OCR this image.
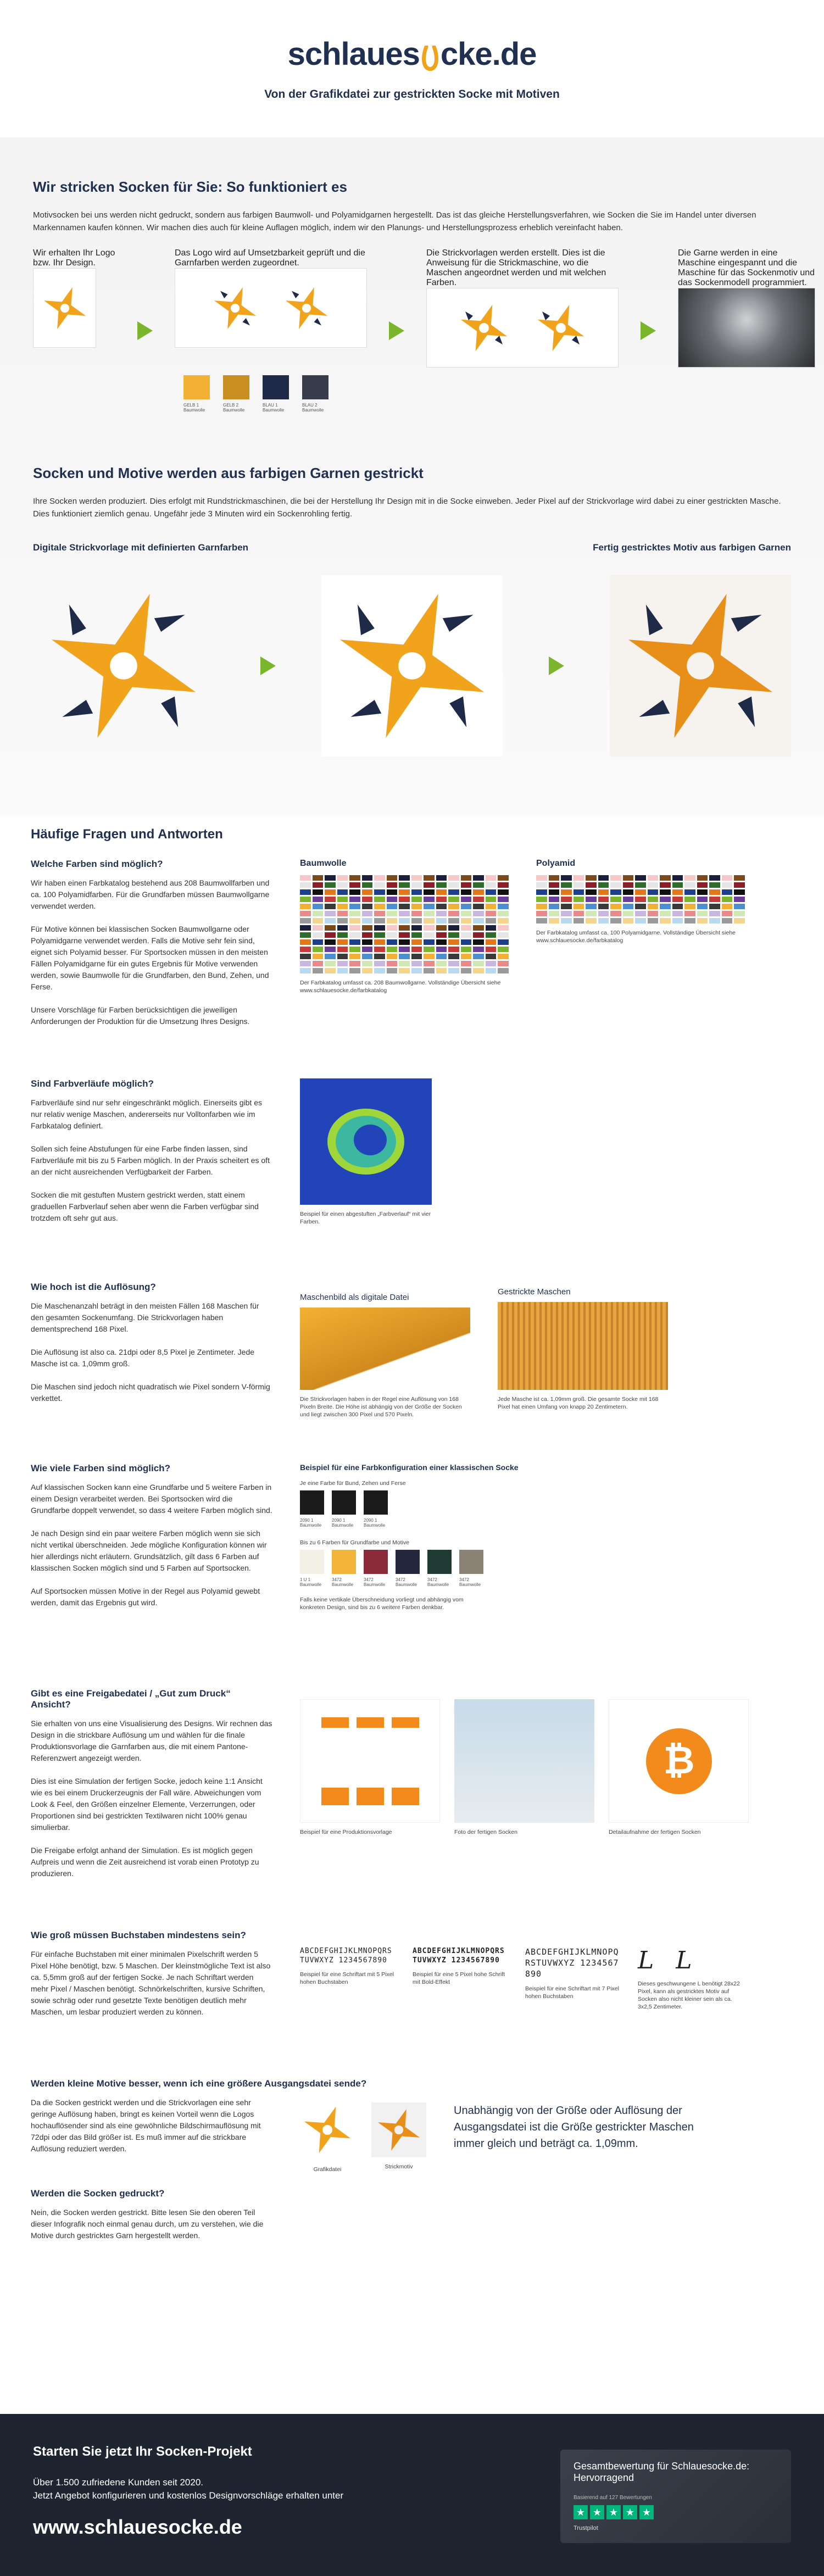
schlaues cke.de
Von der Grafikdatei zur gestrickten Socke mit Motiven
Wir stricken Socken für Sie: So funktioniert es
Motivsocken bei uns werden nicht gedruckt, sondern aus farbigen Baumwoll- und Polyamidgarnen hergestellt. Das ist das gleiche Herstellungsverfahren, wie Socken die Sie im Handel unter diversen Markennamen kaufen können. Wir machen dies auch für kleine Auflagen möglich, indem wir den Planungs- und Herstellungsprozess erheblich vereinfacht haben.
Wir erhalten Ihr Logo bzw. Ihr Design.
Das Logo wird auf Umsetzbarkeit geprüft und die Garnfarben werden zugeordnet.
GELB 1 Baumwolle
GELB 2 Baumwolle
BLAU 1 Baumwolle
BLAU 2 Baumwolle
Die Strickvorlagen werden erstellt. Dies ist die Anweisung für die Strickmaschine, wo die Maschen angeordnet werden und mit welchen Farben.
Die Garne werden in eine Maschine eingespannt und die Maschine für das Sockenmotiv und das Sockenmodell programmiert.
Socken und Motive werden aus farbigen Garnen gestrickt
Ihre Socken werden produziert. Dies erfolgt mit Rundstrickmaschinen, die bei der Herstellung Ihr Design mit in die Socke einweben. Jeder Pixel auf der Strickvorlage wird dabei zu einer gestrickten Masche. Dies funktioniert ziemlich genau. Ungefähr jede 3 Minuten wird ein Sockenrohling fertig.
Digitale Strickvorlage mit definierten Garnfarben	Fertig gestricktes Motiv aus farbigen Garnen
Häufige Fragen und Antworten
Welche Farben sind möglich?
Wir haben einen Farbkatalog bestehend aus 208 Baumwollfarben und ca. 100 Polyamidfarben. Für die Grundfarben müssen Baumwollgarne verwendet werden.

Für Motive können bei klassischen Socken Baumwollgarne oder Polyamidgarne verwendet werden. Falls die Motive sehr fein sind, eignet sich Polyamid besser. Für Sportsocken müssen in den meisten Fällen Polyamidgarne für ein gutes Ergebnis für Motive verwenden werden, sowie Baumwolle für die Grundfarben, den Bund, Zehen, und Ferse.

Unsere Vorschläge für Farben berücksichtigen die jeweiligen Anforderungen der Produktion für die Umsetzung Ihres Designs.
Baumwolle
Der Farbkatalog umfasst ca. 208 Baumwollgarne. Vollständige Übersicht siehe www.schlauesocke.de/farbkatalog
Polyamid
Der Farbkatalog umfasst ca. 100 Polyamidgarne. Vollständige Übersicht siehe www.schlauesocke.de/farbkatalog
Sind Farbverläufe möglich?
Farbverläufe sind nur sehr eingeschränkt möglich. Einerseits gibt es nur relativ wenige Maschen, andererseits nur Volltonfarben wie im Farbkatalog definiert.

Sollen sich feine Abstufungen für eine Farbe finden lassen, sind Farbverläufe mit bis zu 5 Farben möglich. In der Praxis scheitert es oft an der nicht ausreichenden Verfügbarkeit der Farben.

Socken die mit gestuften Mustern gestrickt werden, statt einem graduellen Farbverlauf sehen aber wenn die Farben verfügbar sind trotzdem oft sehr gut aus.	Beispiel für einen abgestuften „Farbverlauf“ mit vier Farben.
Wie hoch ist die Auflösung?
Die Maschenanzahl beträgt in den meisten Fällen 168 Maschen für den gesamten Sockenumfang. Die Strickvorlagen haben dementsprechend 168 Pixel.

Die Auflösung ist also ca. 21dpi oder 8,5 Pixel je Zentimeter. Jede Masche ist ca. 1,09mm groß.

Die Maschen sind jedoch nicht quadratisch wie Pixel sondern V-förmig verkettet.
Maschenbild als digitale Datei
Die Strickvorlagen haben in der Regel eine Auflösung von 168 Pixeln Breite. Die Höhe ist abhängig von der Größe der Socken und liegt zwischen 300 Pixel und 570 Pixeln.
Gestrickte Maschen
Jede Masche ist ca. 1,09mm groß. Die gesamte Socke mit 168 Pixel hat einen Umfang von knapp 20 Zentimetern.
Wie viele Farben sind möglich?
Auf klassischen Socken kann eine Grundfarbe und 5 weitere Farben in einem Design verarbeitet werden. Bei Sportsocken wird die Grundfarbe doppelt verwendet, so dass 4 weitere Farben möglich sind.

Je nach Design sind ein paar weitere Farben möglich wenn sie sich nicht vertikal überschneiden. Jede mögliche Konfiguration können wir hier allerdings nicht erläutern. Grundsätzlich, gilt dass 6 Farben auf klassischen Socken möglich sind und 5 Farben auf Sportsocken.

Auf Sportsocken müssen Motive in der Regel aus Polyamid gewebt werden, damit das Ergebnis gut wird.
Beispiel für eine Farbkonfiguration einer klassischen Socke
Je eine Farbe für Bund, Zehen und Ferse
2090 1 Baumwolle
2090 1 Baumwolle
2090 1 Baumwolle
Bis zu 6 Farben für Grundfarbe und Motive
1 U 1 Baumwolle
3472 Baumwolle
3472 Baumwolle
3472 Baumwolle
3472 Baumwolle
3472 Baumwolle
Falls keine vertikale Überschneidung vorliegt und abhängig vom konkreten Design, sind bis zu 6 weitere Farben denkbar.
Gibt es eine Freigabedatei / „Gut zum Druck“ Ansicht?
Sie erhalten von uns eine Visualisierung des Designs. Wir rechnen das Design in die strickbare Auflösung um und wählen für die finale Produktionsvorlage die Garnfarben aus, die mit einem Pantone-Referenzwert angezeigt werden.

Dies ist eine Simulation der fertigen Socke, jedoch keine 1:1 Ansicht wie es bei einem Druckerzeugnis der Fall wäre. Abweichungen vom Look & Feel, den Größen einzelner Elemente, Verzerrungen, oder Proportionen sind bei gestrickten Textilwaren nicht 100% genau simulierbar.

Die Freigabe erfolgt anhand der Simulation. Es ist möglich gegen Aufpreis und wenn die Zeit ausreichend ist vorab einen Prototyp zu produzieren.
Beispiel für eine Produktionsvorlage	Foto der fertigen Socken
₿
Detailaufnahme der fertigen Socken
Wie groß müssen Buchstaben mindestens sein?
Für einfache Buchstaben mit einer minimalen Pixelschrift werden 5 Pixel Höhe benötigt, bzw. 5 Maschen. Der kleinstmögliche Text ist also ca. 5,5mm groß auf der fertigen Socke. Je nach Schriftart werden mehr Pixel / Maschen benötigt. Schnörkelschriften, kursive Schriften, sowie schräg oder rund gesetzte Texte benötigen deutlich mehr Maschen, um lesbar produziert werden zu können.
ABCDEFGHIJKLMNOPQRSTUVWXYZ 1234567890
Beispiel für eine Schriftart mit 5 Pixel hohen Buchstaben
ABCDEFGHIJKLMNOPQRSTUVWXYZ 1234567890
Beispiel für eine 5 Pixel hohe Schrift mit Bold-Effekt
ABCDEFGHIJKLMNOPQRSTUVWXYZ 1234567890
Beispiel für eine Schriftart mit 7 Pixel hohen Buchstaben
L L
Dieses geschwungene L benötigt 28x22 Pixel, kann als gestricktes Motiv auf Socken also nicht kleiner sein als ca. 3x2,5 Zentimeter.
Werden kleine Motive besser, wenn ich eine größere Ausgangsdatei sende?
Da die Socken gestrickt werden und die Strickvorlagen eine sehr geringe Auflösung haben, bringt es keinen Vorteil wenn die Logos hochauflösender sind als eine gewöhnliche Bildschirmauflösung mit 72dpi oder das Bild größer ist. Es muß immer auf die strickbare Auflösung reduziert werden.
Grafikdatei	Strickmotiv
Unabhängig von der Größe oder Auflösung der Ausgangsdatei ist die Größe gestrickter Maschen immer gleich und beträgt ca. 1,09mm.
Werden die Socken gedruckt?
Nein, die Socken werden gestrickt. Bitte lesen Sie den oberen Teil dieser Infografik noch einmal genau durch, um zu verstehen, wie die Motive durch gestricktes Garn hergestellt werden.
Starten Sie jetzt Ihr Socken-Projekt
Über 1.500 zufriedene Kunden seit 2020.
Jetzt Angebot konfigurieren und kostenlos Designvorschläge erhalten unter
www.schlauesocke.de
Gesamtbewertung für Schlauesocke.de: Hervorragend
Basierend auf 127 Bewertungen
★ ★ ★ ★ ★
Trustpilot
